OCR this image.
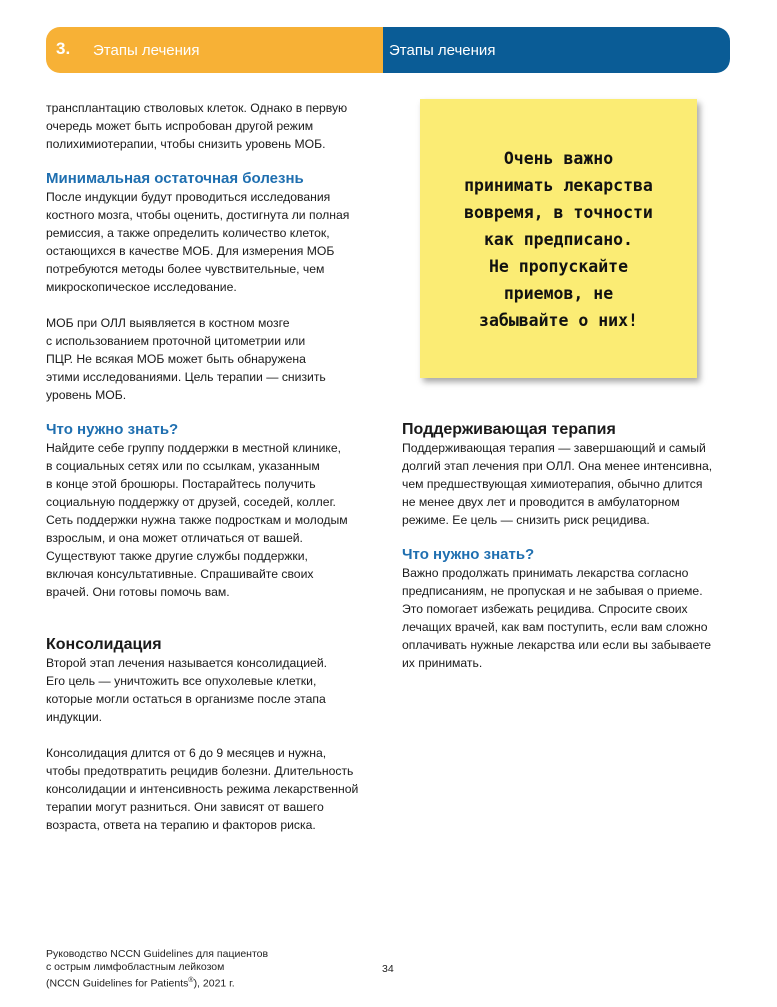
3. Этапы лечения	Этапы лечения

трансплантацию стволовых клеток. Однако в первую

очередь может быть испробован другой режим

полихимиотерапии, чтобы снизить уровень МОБ.

Минимальная остаточная болезнь

После индукции будут проводиться исследования

костного мозга, чтобы оценить, достигнута ли полная

ремиссия, а также определить количество клеток,

остающихся в качестве МОБ. Для измерения МОБ

потребуются методы более чувствительные, чем

микроскопическое исследование.

МОБ при ОЛЛ выявляется в костном мозге

с использованием проточной цитометрии или

ПЦР. Не всякая МОБ может быть обнаружена

этими исследованиями. Цель терапии — снизить

уровень МОБ.

Что нужно знать?

Найдите себе группу поддержки в местной клинике,

в социальных сетях или по ссылкам, указанным

в конце этой брошюры. Постарайтесь получить

социальную поддержку от друзей, соседей, коллег.

Сеть поддержки нужна также подросткам и молодым

взрослым, и она может отличаться от вашей.

Существуют также другие службы поддержки,

включая консультативные. Спрашивайте своих

врачей. Они готовы помочь вам.

Консолидация

Второй этап лечения называется консолидацией.

Его цель — уничтожить все опухолевые клетки,

которые могли остаться в организме после этапа

индукции.

Консолидация длится от 6 до 9 месяцев и нужна,

чтобы предотвратить рецидив болезни. Длительность

консолидации и интенсивность режима лекарственной

терапии могут разниться. Они зависят от вашего

возраста, ответа на терапию и факторов риска.

Очень важно

принимать лекарства

вовремя, в точности

как предписано.

Не пропускайте

приемов, не

забывайте о них!

Поддерживающая терапия

Поддерживающая терапия — завершающий и самый

долгий этап лечения при ОЛЛ. Она менее интенсивна,

чем предшествующая химиотерапия, обычно длится

не менее двух лет и проводится в амбулаторном

режиме. Ее цель — снизить риск рецидива.

Что нужно знать?

Важно продолжать принимать лекарства согласно

предписаниям, не пропуская и не забывая о приеме.

Это помогает избежать рецидива. Спросите своих

лечащих врачей, как вам поступить, если вам сложно

оплачивать нужные лекарства или если вы забываете

их принимать.

Руководство NCCN Guidelines для пациентов

с острым лимфобластным лейкозом

(NCCN Guidelines for Patients®), 2021 г.

34
